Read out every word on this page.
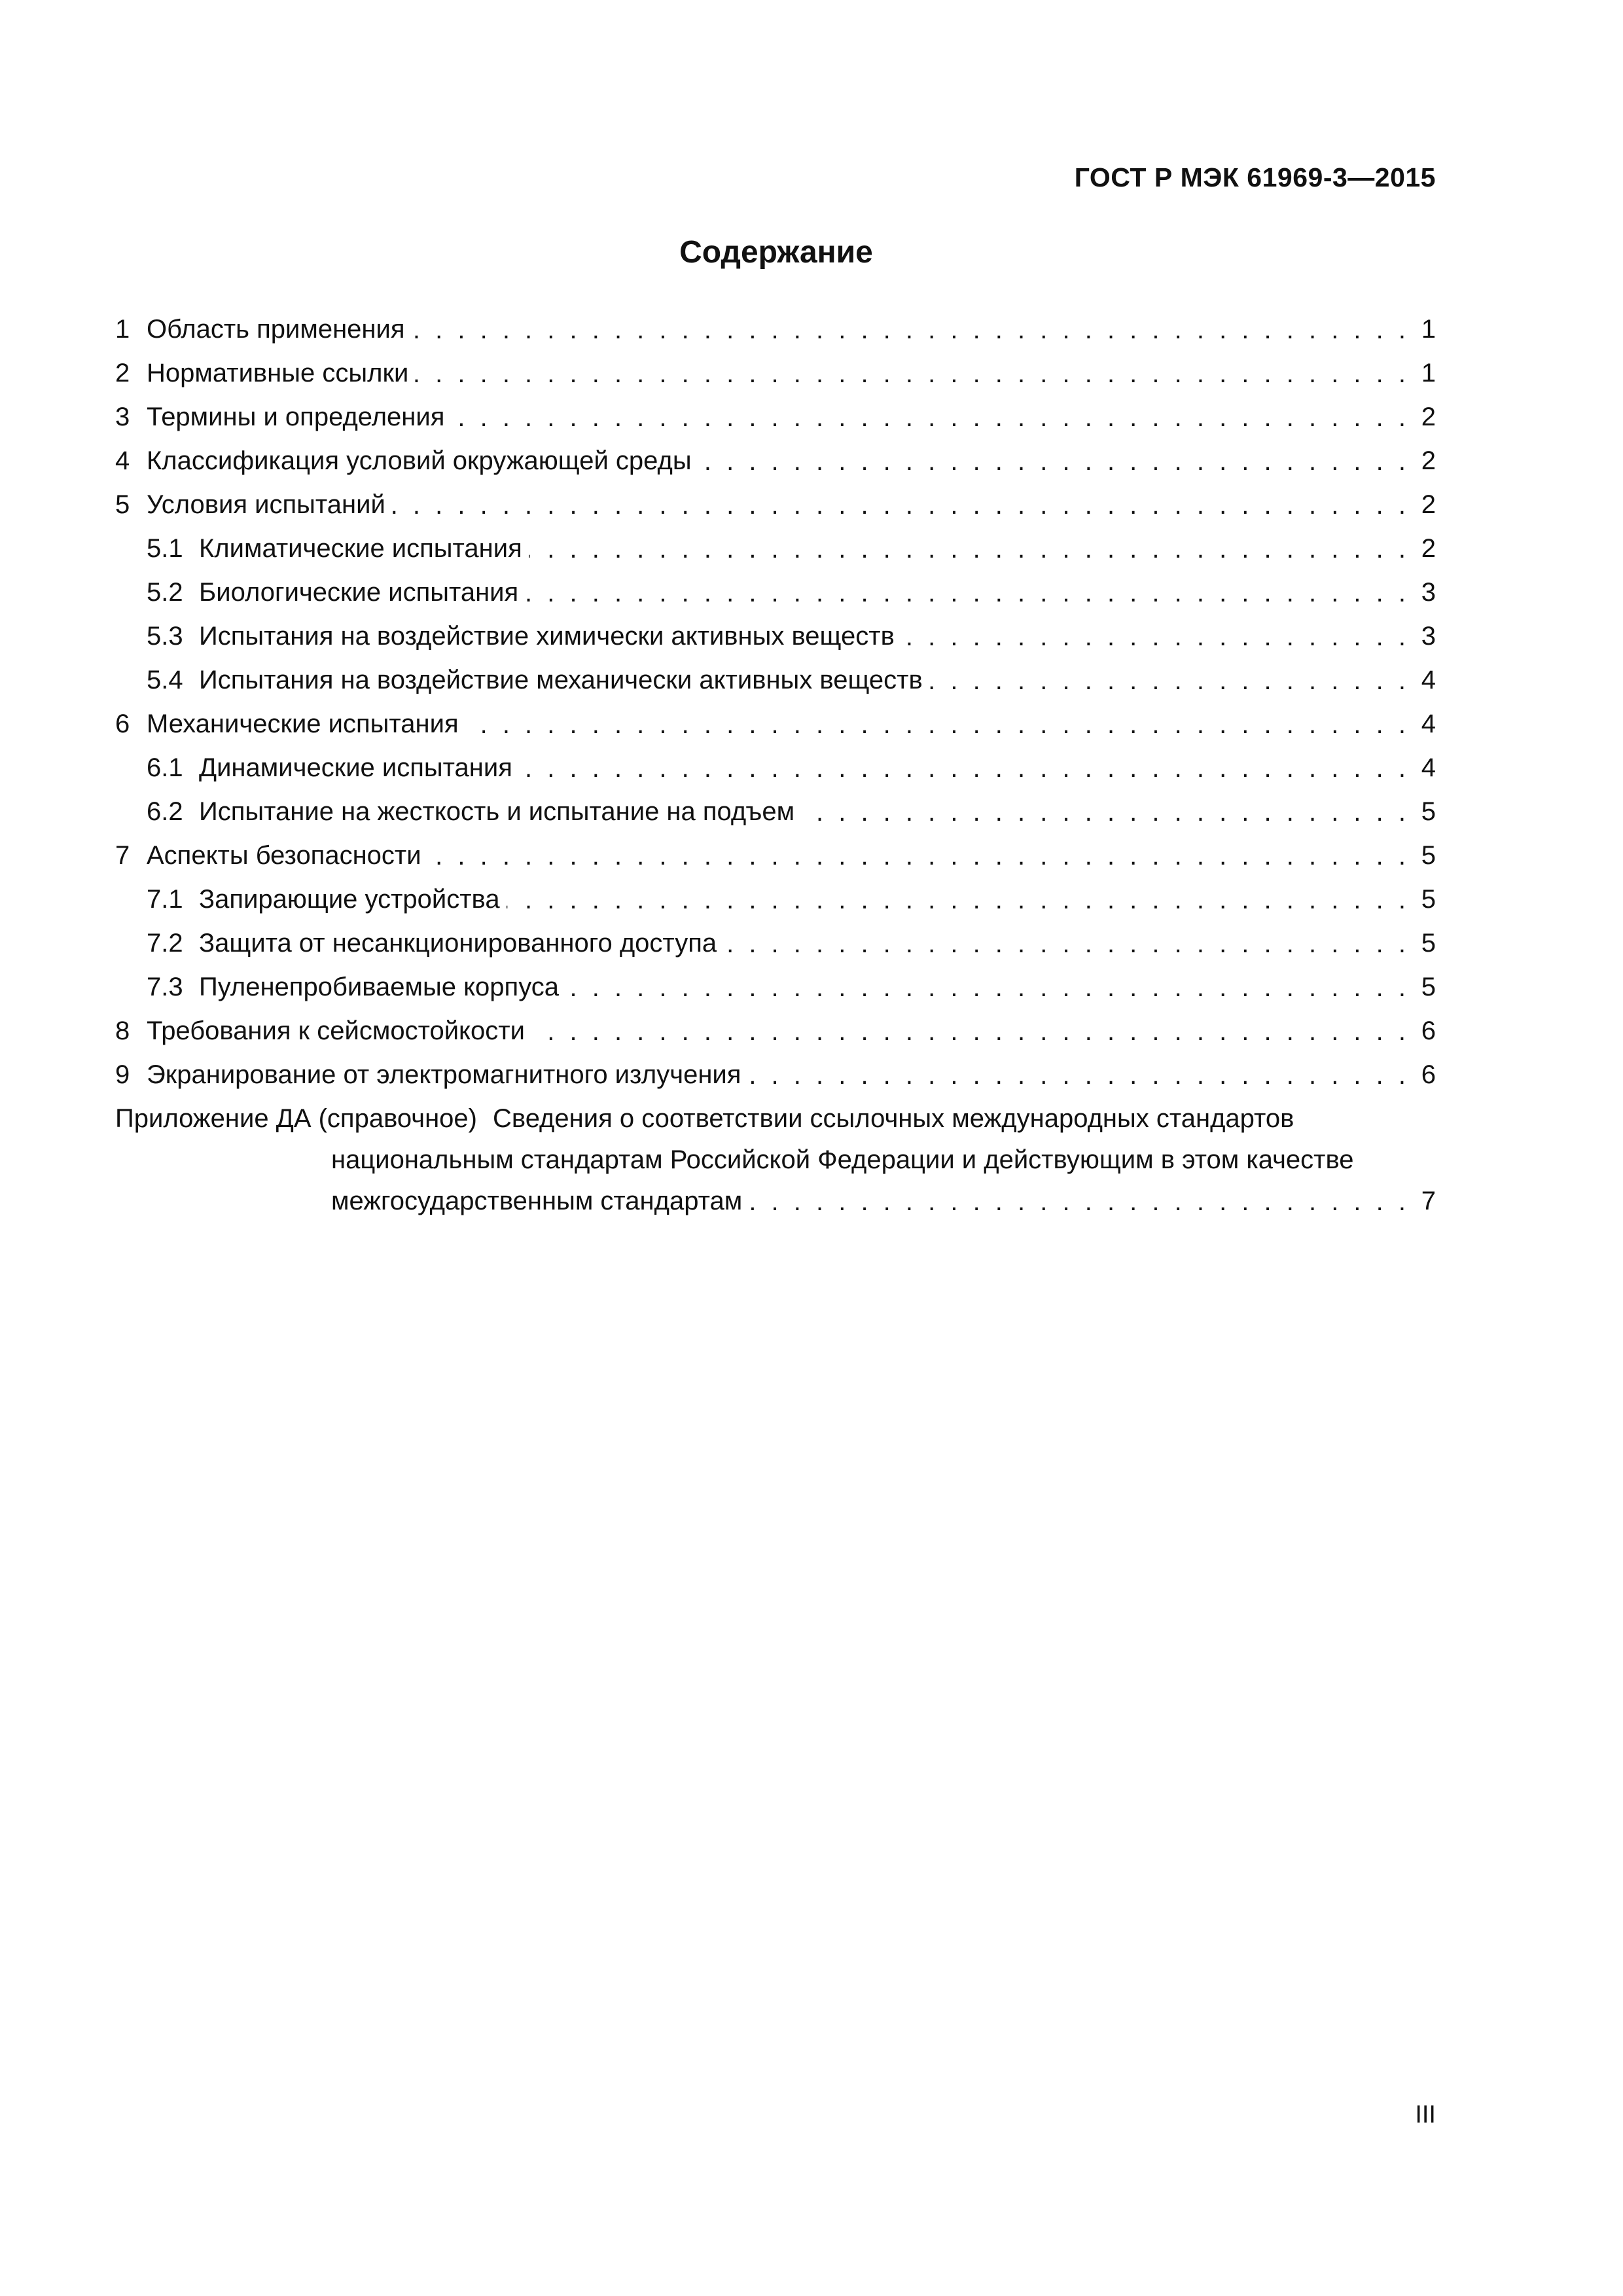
ГОСТ Р МЭК 61969-3—2015
Содержание
1 Область применения . . .	1
2 Нормативные ссылки . . .	1
3 Термины и определения . . .	2
4 Классификация условий окружающей среды . . .	2
5 Условия испытаний . . .	2
5.1 Климатические испытания . . .	2
5.2 Биологические испытания . . .	3
5.3 Испытания на воздействие химически активных веществ . . .	3
5.4 Испытания на воздействие механически активных веществ . . .	4
6 Механические испытания . . .	4
6.1 Динамические испытания . . .	4
6.2 Испытание на жесткость и испытание на подъем . . .	5
7 Аспекты безопасности . . .	5
7.1 Запирающие устройства . . .	5
7.2 Защита от несанкционированного доступа . . .	5
7.3 Пуленепробиваемые корпуса . . .	5
8 Требования к сейсмостойкости . . .	6
9 Экранирование от электромагнитного излучения . . .	6
Приложение ДА (справочное) Сведения о соответствии ссылочных международных стандартов
национальным стандартам Российской Федерации и действующим в этом качестве
межгосударственным стандартам . . .	7
III
